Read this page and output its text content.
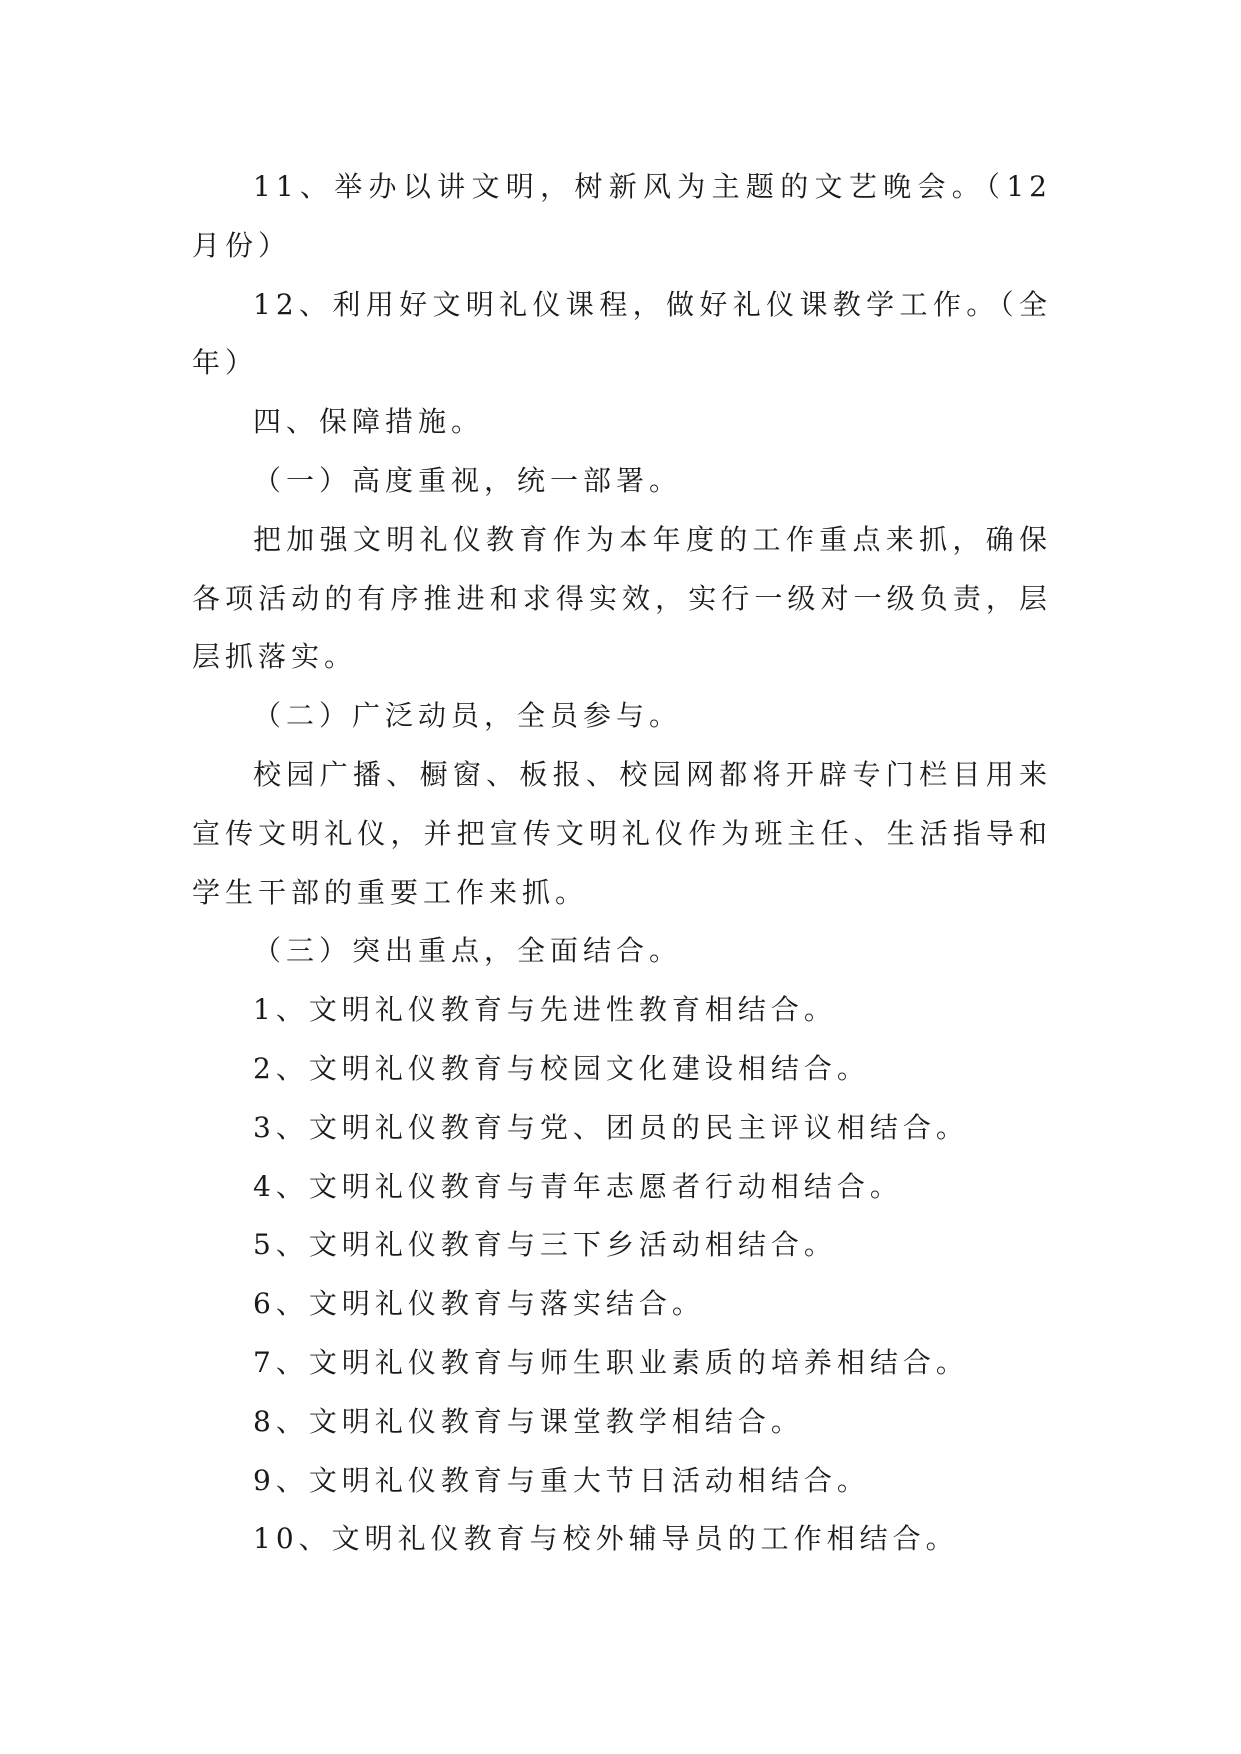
11、举办以讲文明，树新风为主题的文艺晚会。（12月份）

12、利用好文明礼仪课程，做好礼仪课教学工作。（全年）

四、保障措施。

（一）高度重视，统一部署。

把加强文明礼仪教育作为本年度的工作重点来抓，确保各项活动的有序推进和求得实效，实行一级对一级负责，层层抓落实。

（二）广泛动员，全员参与。

校园广播、橱窗、板报、校园网都将开辟专门栏目用来宣传文明礼仪，并把宣传文明礼仪作为班主任、生活指导和学生干部的重要工作来抓。

（三）突出重点，全面结合。

1、文明礼仪教育与先进性教育相结合。

2、文明礼仪教育与校园文化建设相结合。

3、文明礼仪教育与党、团员的民主评议相结合。

4、文明礼仪教育与青年志愿者行动相结合。

5、文明礼仪教育与三下乡活动相结合。

6、文明礼仪教育与落实结合。

7、文明礼仪教育与师生职业素质的培养相结合。

8、文明礼仪教育与课堂教学相结合。

9、文明礼仪教育与重大节日活动相结合。

10、文明礼仪教育与校外辅导员的工作相结合。
